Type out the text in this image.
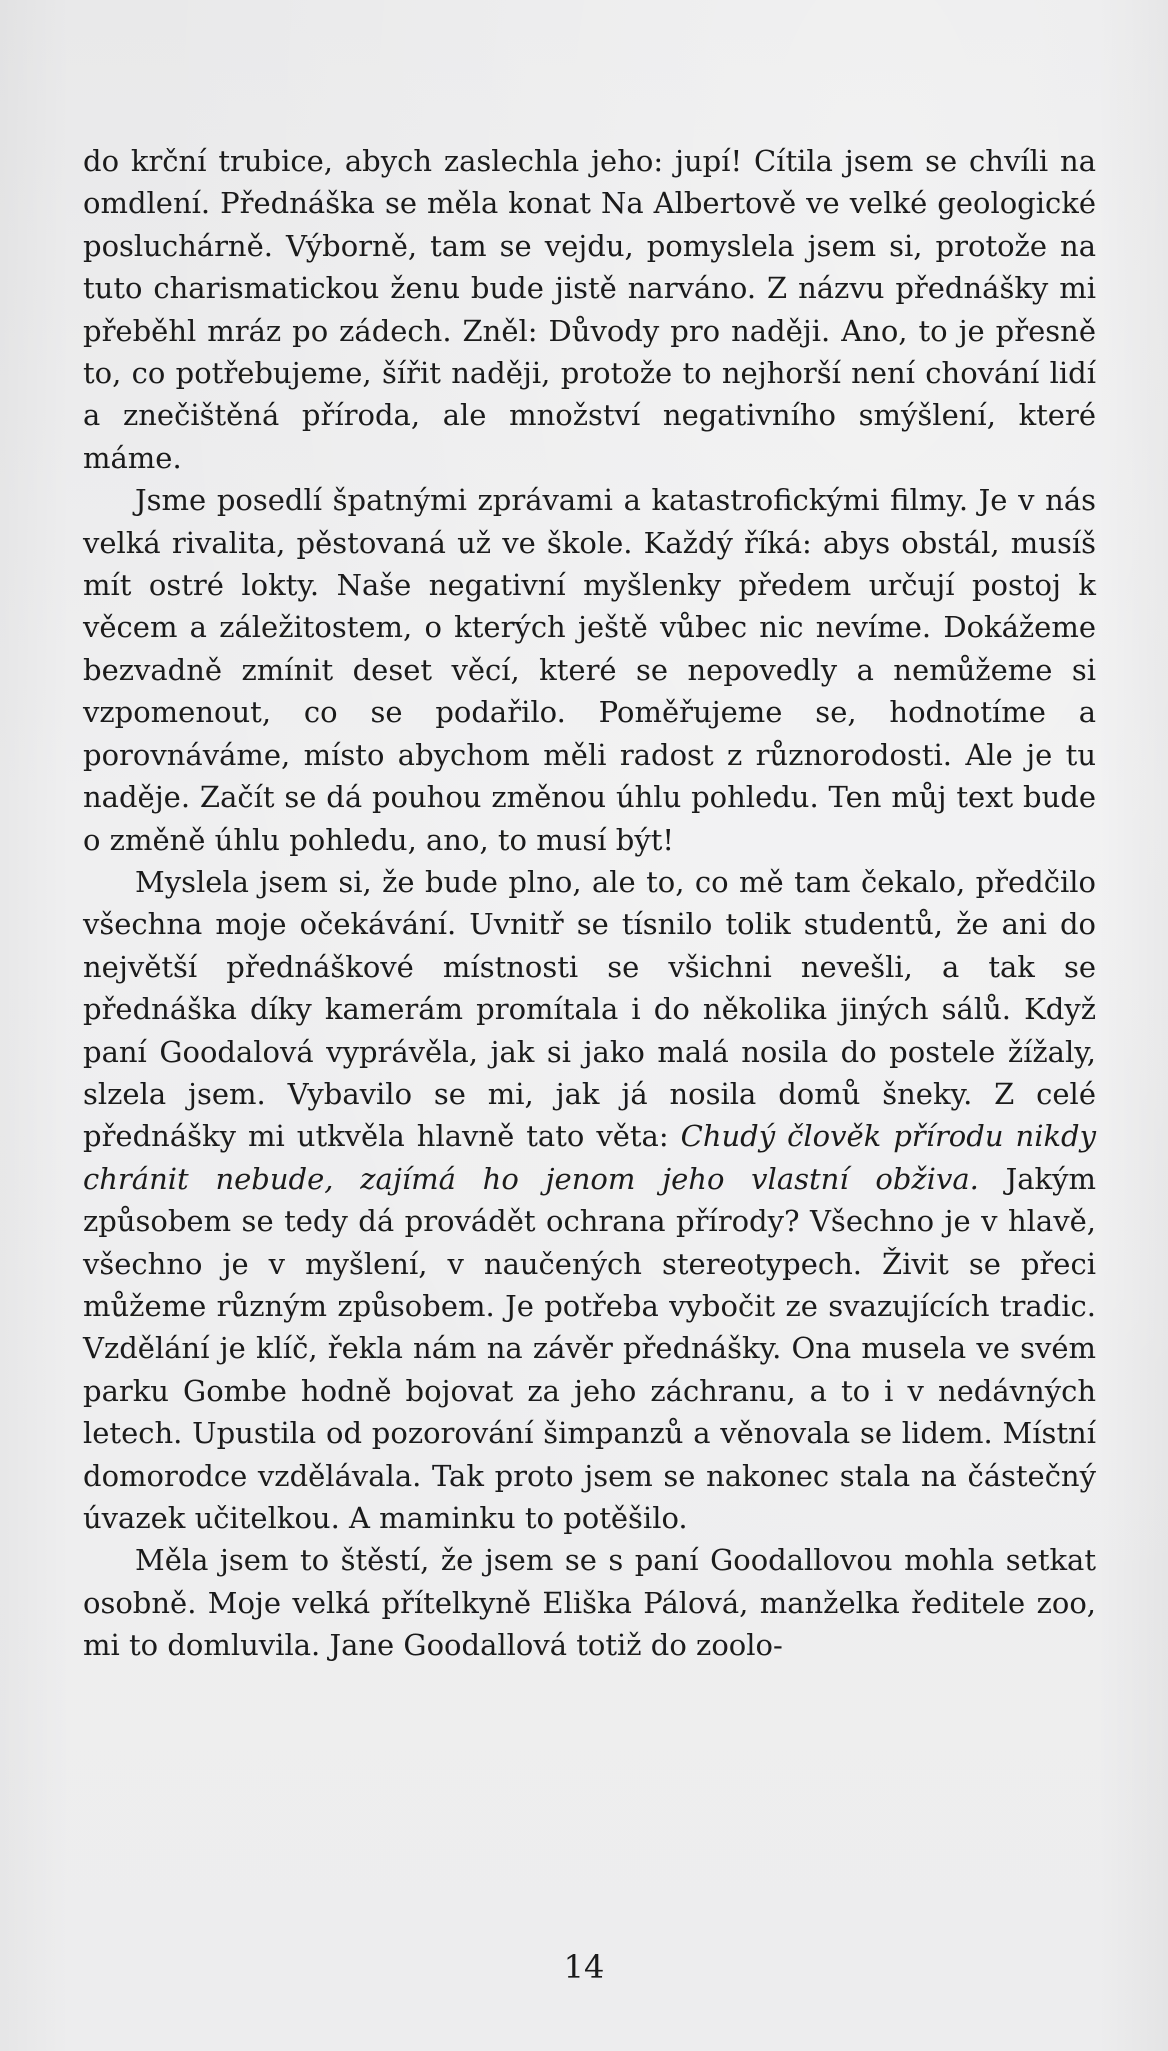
do krční trubice, abych zaslechla jeho: jupí! Cítila jsem se chvíli na omdlení. Přednáška se měla konat Na Albertově ve velké geologické posluchárně. Výborně, tam se vejdu, pomyslela jsem si, protože na tuto charismatickou ženu bude jistě narváno. Z názvu přednášky mi přeběhl mráz po zádech. Zněl: Důvody pro naději. Ano, to je přesně to, co potřebujeme, šířit naději, protože to nejhorší není chování lidí a znečištěná příroda, ale množství negativního smýšlení, které máme.

Jsme posedlí špatnými zprávami a katastrofickými filmy. Je v nás velká rivalita, pěstovaná už ve škole. Každý říká: abys obstál, musíš mít ostré lokty. Naše negativní myšlenky předem určují postoj k věcem a záležitostem, o kterých ještě vůbec nic nevíme. Dokážeme bezvadně zmínit deset věcí, které se nepovedly a nemůžeme si vzpomenout, co se podařilo. Poměřujeme se, hodnotíme a porovnáváme, místo abychom měli radost z různorodosti. Ale je tu naděje. Začít se dá pouhou změnou úhlu pohledu. Ten můj text bude o změně úhlu pohledu, ano, to musí být!

Myslela jsem si, že bude plno, ale to, co mě tam čekalo, předčilo všechna moje očekávání. Uvnitř se tísnilo tolik studentů, že ani do největší přednáškové místnosti se všichni nevešli, a tak se přednáška díky kamerám promítala i do několika jiných sálů. Když paní Goodalová vyprávěla, jak si jako malá nosila do postele žížaly, slzela jsem. Vybavilo se mi, jak já nosila domů šneky. Z celé přednášky mi utkvěla hlavně tato věta: Chudý člověk přírodu nikdy chránit nebude, zajímá ho jenom jeho vlastní obživa. Jakým způsobem se tedy dá provádět ochrana přírody? Všechno je v hlavě, všechno je v myšlení, v naučených stereotypech. Živit se přeci můžeme různým způsobem. Je potřeba vybočit ze svazujících tradic. Vzdělání je klíč, řekla nám na závěr přednášky. Ona musela ve svém parku Gombe hodně bojovat za jeho záchranu, a to i v nedávných letech. Upustila od pozorování šimpanzů a věnovala se lidem. Místní domorodce vzdělávala. Tak proto jsem se nakonec stala na částečný úvazek učitelkou. A maminku to potěšilo.

Měla jsem to štěstí, že jsem se s paní Goodallovou mohla setkat osobně. Moje velká přítelkyně Eliška Pálová, manželka ředitele zoo, mi to domluvila. Jane Goodallová totiž do zoolo-

14
